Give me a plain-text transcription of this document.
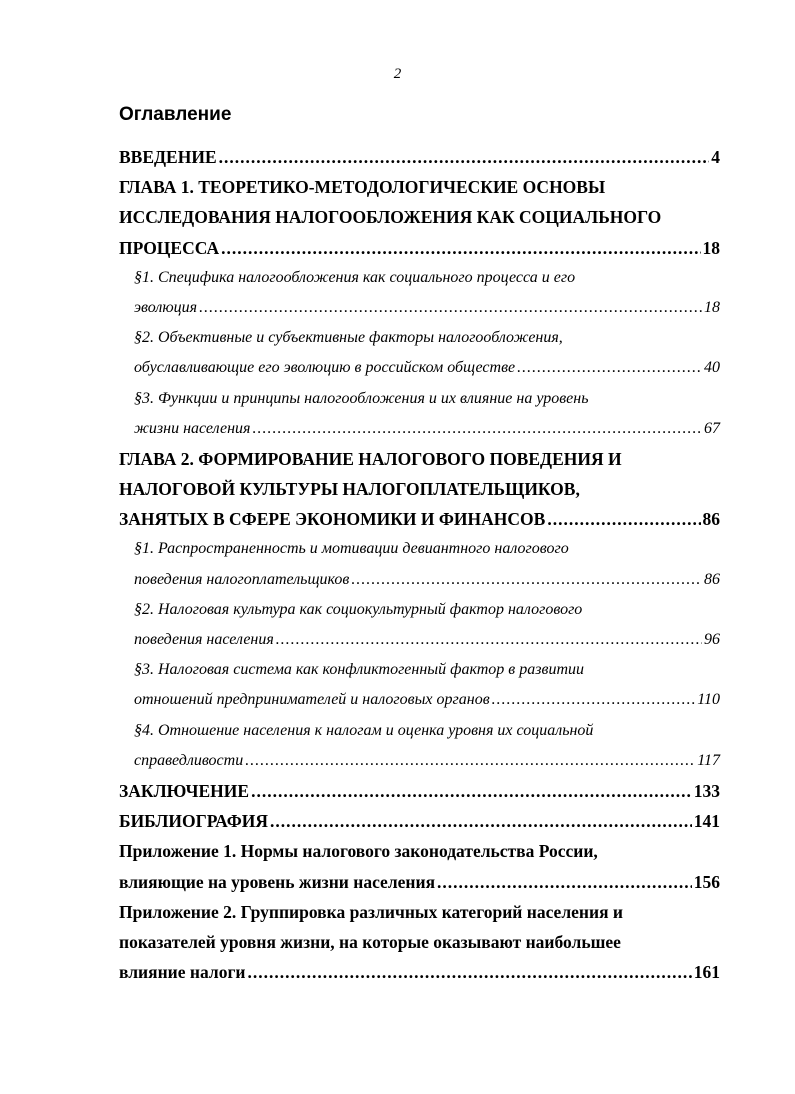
2
Оглавление
ВВЕДЕНИЕ .....	4
ГЛАВА 1. ТЕОРЕТИКО-МЕТОДОЛОГИЧЕСКИЕ ОСНОВЫ
ИССЛЕДОВАНИЯ НАЛОГООБЛОЖЕНИЯ КАК СОЦИАЛЬНОГО
ПРОЦЕССА .....	18
§1. Специфика налогообложения как социального процесса и его
эволюция .....	18
§2. Объективные и субъективные факторы налогообложения,
обуславливающие его эволюцию в российском обществе .....	40
§3. Функции и принципы налогообложения и их влияние на уровень
жизни населения .....	67
ГЛАВА 2. ФОРМИРОВАНИЕ НАЛОГОВОГО ПОВЕДЕНИЯ И
НАЛОГОВОЙ КУЛЬТУРЫ НАЛОГОПЛАТЕЛЬЩИКОВ,
ЗАНЯТЫХ В СФЕРЕ ЭКОНОМИКИ И ФИНАНСОВ .....	86
§1. Распространенность и мотивации девиантного налогового
поведения налогоплательщиков .....	86
§2. Налоговая культура как социокультурный фактор налогового
поведения населения .....	96
§3. Налоговая система как конфликтогенный фактор в развитии
отношений предпринимателей и налоговых органов .....	110
§4. Отношение населения к налогам и оценка уровня их социальной
справедливости .....	117
ЗАКЛЮЧЕНИЕ .....	133
БИБЛИОГРАФИЯ .....	141
Приложение 1. Нормы налогового законодательства России,
влияющие на уровень жизни населения .....	156
Приложение 2. Группировка различных категорий населения и
показателей уровня жизни, на которые оказывают наибольшее
влияние налоги .....	161
